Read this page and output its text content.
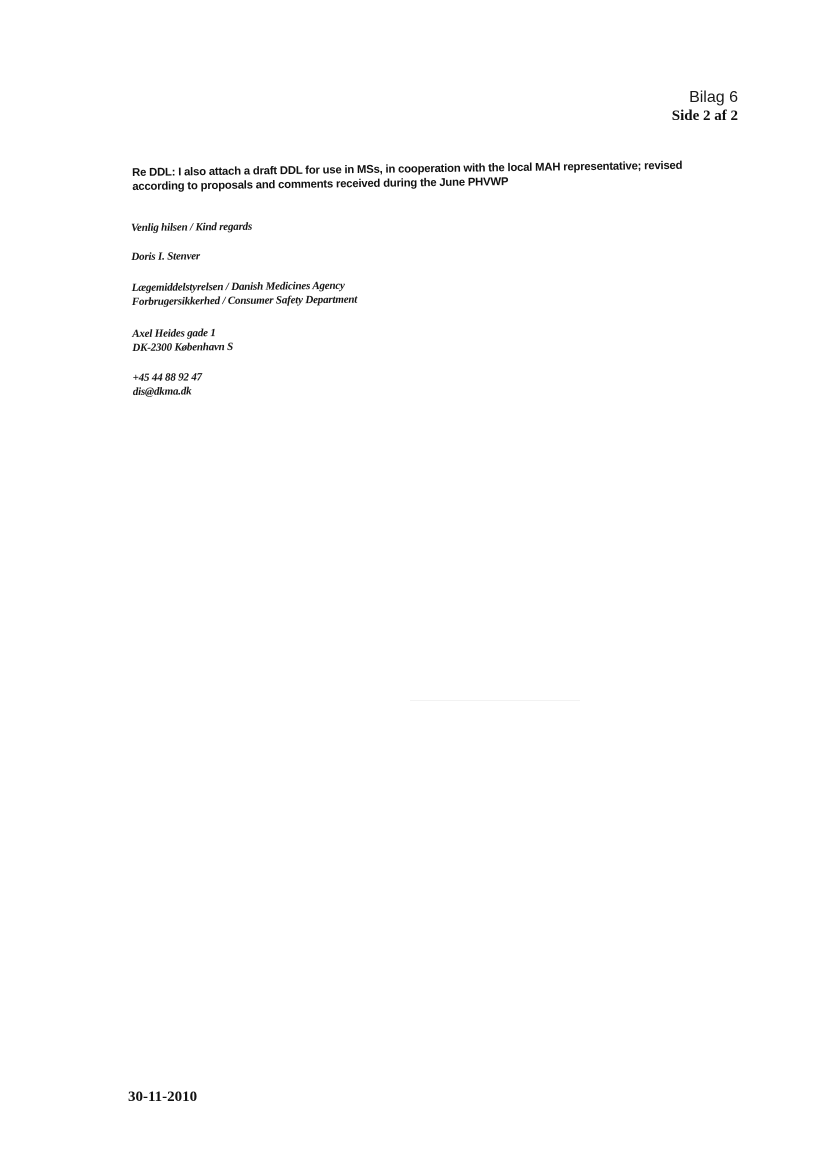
Bilag 6
Side 2 af 2
Re DDL: I also attach a draft DDL for use in MSs, in cooperation with the local MAH representative; revised according to proposals and comments received during the June PHVWP
Venlig hilsen / Kind regards
Doris I. Stenver
Lægemiddelstyrelsen / Danish Medicines Agency
Forbrugersikkerhed / Consumer Safety Department
Axel Heides gade 1
DK-2300 København S
+45 44 88 92 47
dis@dkma.dk
30-11-2010
